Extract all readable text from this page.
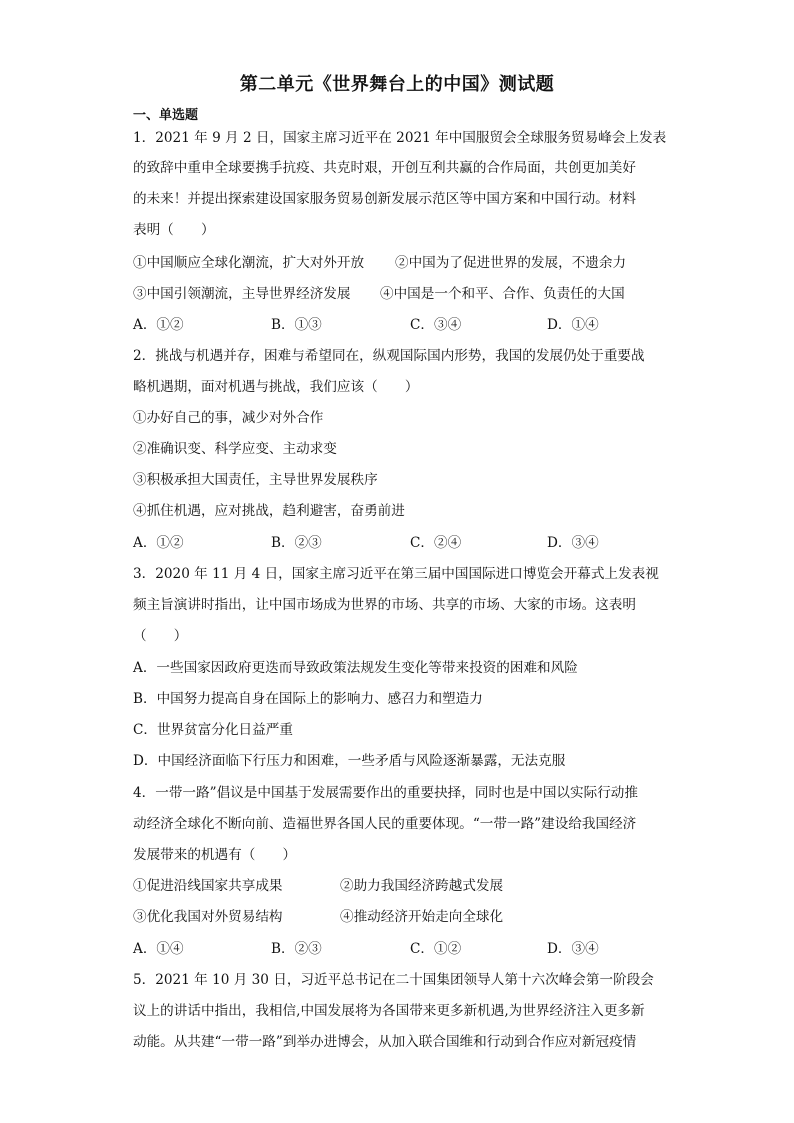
第二单元《世界舞台上的中国》测试题
一、单选题
1．2021 年 9 月 2 日，国家主席习近平在 2021 年中国服贸会全球服务贸易峰会上发表
的致辞中重申全球要携手抗疫、共克时艰，开创互利共赢的合作局面，共创更加美好
的未来！并提出探索建设国家服务贸易创新发展示范区等中国方案和中国行动。材料
表明（　　）
①中国顺应全球化潮流，扩大对外开放 ②中国为了促进世界的发展，不遗余力
③中国引领潮流，主导世界经济发展 ④中国是一个和平、合作、负责任的大国
A．①②	B．①③	C．③④	D．①④
2．挑战与机遇并存，困难与希望同在，纵观国际国内形势，我国的发展仍处于重要战
略机遇期，面对机遇与挑战，我们应该（　　）
①办好自己的事，减少对外合作
②准确识变、科学应变、主动求变
③积极承担大国责任，主导世界发展秩序
④抓住机遇，应对挑战，趋利避害，奋勇前进
A．①②	B．②③	C．②④	D．③④
3．2020 年 11 月 4 日，国家主席习近平在第三届中国国际进口博览会开幕式上发表视
频主旨演讲时指出，让中国市场成为世界的市场、共享的市场、大家的市场。这表明
（　　）
A．一些国家因政府更迭而导致政策法规发生变化等带来投资的困难和风险
B．中国努力提高自身在国际上的影响力、感召力和塑造力
C．世界贫富分化日益严重
D．中国经济面临下行压力和困难，一些矛盾与风险逐渐暴露，无法克服
4．一带一路”倡议是中国基于发展需要作出的重要抉择，同时也是中国以实际行动推
动经济全球化不断向前、造福世界各国人民的重要体现。“一带一路”建设给我国经济
发展带来的机遇有（　　）
①促进沿线国家共享成果	②助力我国经济跨越式发展
③优化我国对外贸易结构	④推动经济开始走向全球化
A．①④	B．②③	C．①②	D．③④
5．2021 年 10 月 30 日，习近平总书记在二十国集团领导人第十六次峰会第一阶段会
议上的讲话中指出，我相信,中国发展将为各国带来更多新机遇,为世界经济注入更多新
动能。从共建“一带一路”到举办进博会，从加入联合国维和行动到合作应对新冠疫情
